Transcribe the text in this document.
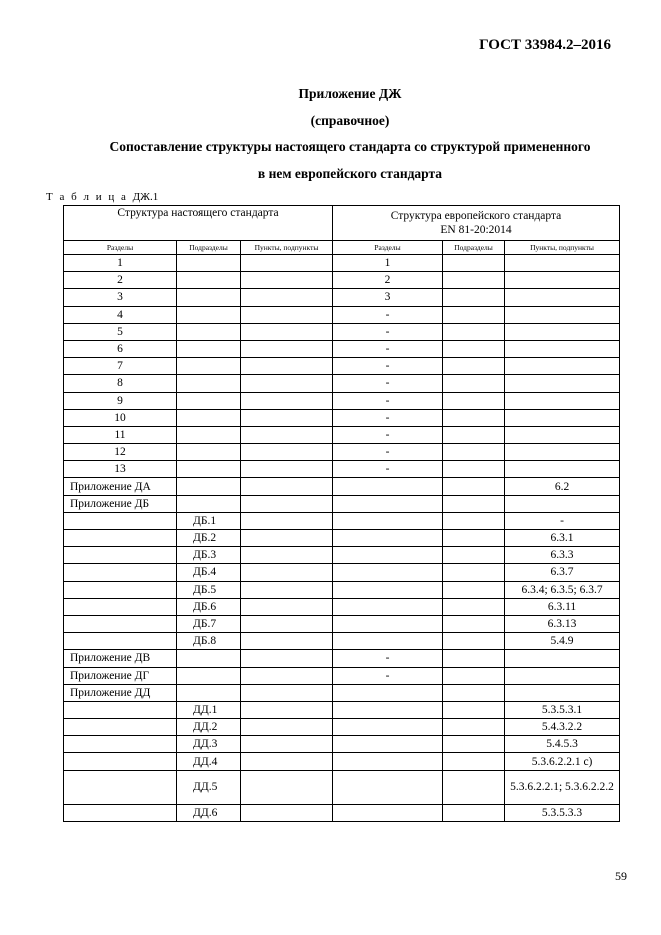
ГОСТ 33984.2–2016
Приложение ДЖ
(справочное)
Сопоставление структуры настоящего стандарта со структурой примененного
в нем европейского стандарта
Т а б л и ц а ДЖ.1
Структура настоящего стандарта			Структура европейского стандарта
EN 81-20:2014		

Разделы	Подразделы	Пункты, подпункты	Разделы	Подразделы	Пункты, подпункты
1			1		
2			2		
3			3		
4			-		
5			-		
6			-		
7			-		
8			-		
9			-		
10			-		
11			-		
12			-		
13			-		
Приложение ДА					6.2
Приложение ДБ					
	ДБ.1				-
	ДБ.2				6.3.1
	ДБ.3				6.3.3
	ДБ.4				6.3.7
	ДБ.5				6.3.4; 6.3.5; 6.3.7
	ДБ.6				6.3.11
	ДБ.7				6.3.13
	ДБ.8				5.4.9
Приложение ДВ			-		
Приложение ДГ			-		
Приложение ДД					
	ДД.1				5.3.5.3.1
	ДД.2				5.4.3.2.2
	ДД.3				5.4.5.3
	ДД.4				5.3.6.2.2.1 c)
	ДД.5				5.3.6.2.2.1; 5.3.6.2.2.2
	ДД.6				5.3.5.3.3
59
